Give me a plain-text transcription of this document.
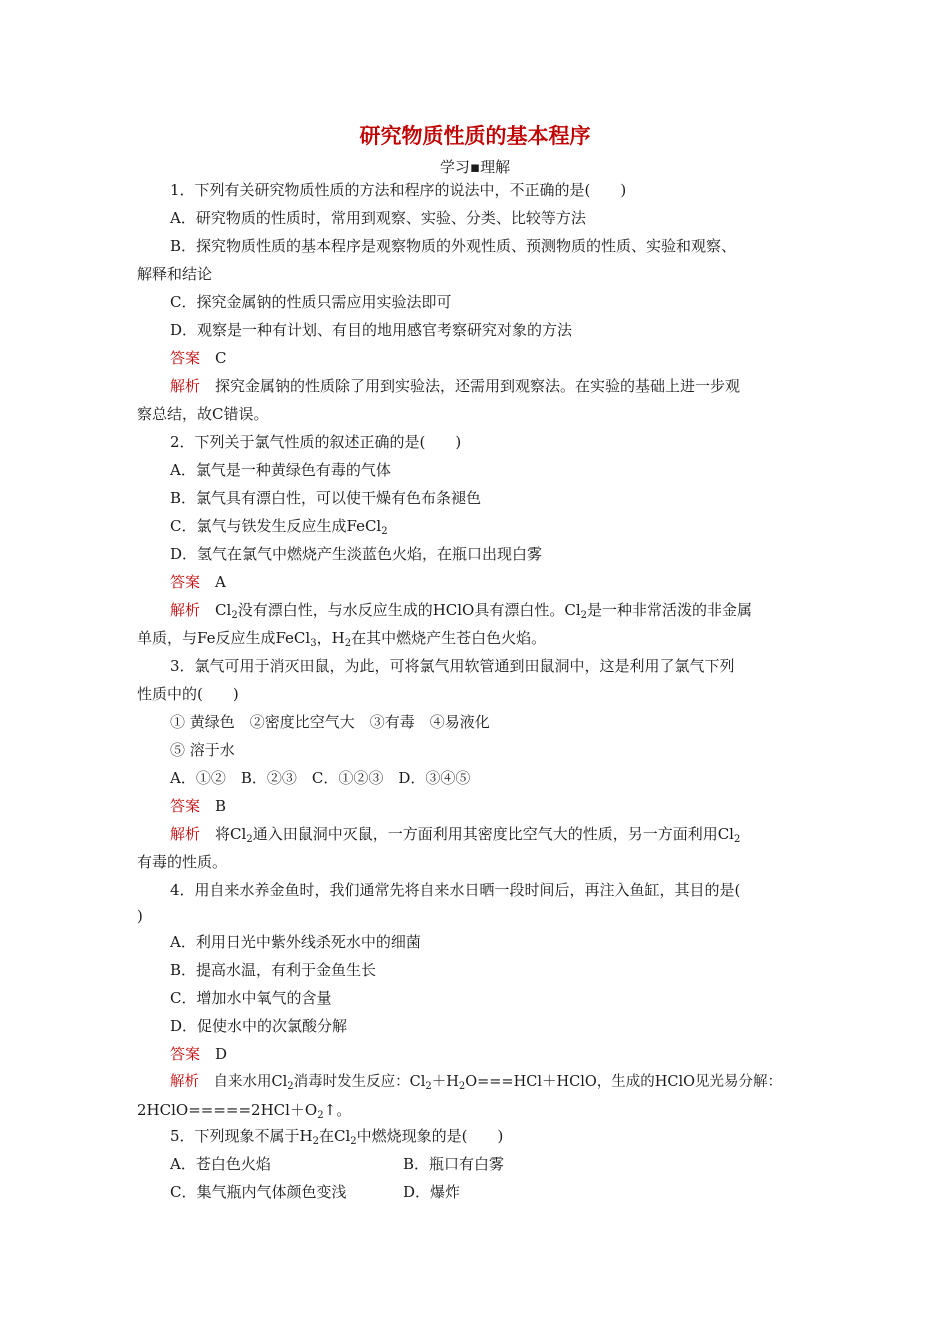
研究物质性质的基本程序
学习▪理解
1．下列有关研究物质性质的方法和程序的说法中，不正确的是(　　)
A．研究物质的性质时，常用到观察、实验、分类、比较等方法
B．探究物质性质的基本程序是观察物质的外观性质、预测物质的性质、实验和观察、
解释和结论
C．探究金属钠的性质只需应用实验法即可
D．观察是一种有计划、有目的地用感官考察研究对象的方法
答案　 C
解析　 探究金属钠的性质除了用到实验法，还需用到观察法。在实验的基础上进一步观
察总结，故C错误。
2．下列关于氯气性质的叙述正确的是(　　)
A．氯气是一种黄绿色有毒的气体
B．氯气具有漂白性，可以使干燥有色布条褪色
C．氯气与铁发生反应生成FeCl$_2$
D．氢气在氯气中燃烧产生淡蓝色火焰，在瓶口出现白雾
答案　 A
解析　 $Cl_2$没有漂白性，与水反应生成的HClO具有漂白性。$Cl_2$是一种非常活泼的非金属
单质，与Fe反应生成FeCl$_3$，$H_2$在其中燃烧产生苍白色火焰。
3．氯气可用于消灭田鼠，为此，可将氯气用软管通到田鼠洞中，这是利用了氯气下列
性质中的(　　)
① 黄绿色　②密度比空气大　③有毒　④易液化
⑤ 溶于水
A．①②　B．②③　C．①②③　D．③④⑤
答案　 B
解析　 将$Cl_2$通入田鼠洞中灭鼠，一方面利用其密度比空气大的性质，另一方面利用$Cl_2$
有毒的性质。
4．用自来水养金鱼时，我们通常先将自来水日晒一段时间后，再注入鱼缸，其目的是(
)
A．利用日光中紫外线杀死水中的细菌
B．提高水温，有利于金鱼生长
C．增加水中氧气的含量
D．促使水中的次氯酸分解
答案　 D
解析　 自来水用$Cl_2$消毒时发生反应：$Cl_2+H_2O===HCl+HClO$，生成的HClO见光易分解：
$2HClO=====2HCl+O_2↑$。
5．下列现象不属于$H_2$在$Cl_2$中燃烧现象的是(　　)
A．苍白色火焰	B．瓶口有白雾
C．集气瓶内气体颜色变浅	D．爆炸
